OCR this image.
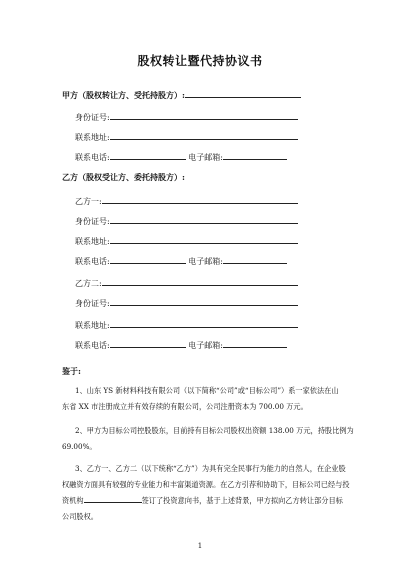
股权转让暨代持协议书
甲方（股权转让方、受托持股方）:
身份证号:
联系地址:
联系电话:	电子邮箱:
乙方（股权受让方、委托持股方）:
乙方一:
身份证号:
联系地址:
联系电话:	电子邮箱:
乙方二:
身份证号:
联系地址:
联系电话:	电子邮箱:
鉴于:
1、山东 YS 新材料科技有限公司（以下简称“公司”或“目标公司”）系一家依法在山
东省 XX 市注册成立并有效存续的有限公司，公司注册资本为 700.00 万元。
2、甲方为目标公司控股股东，目前持有目标公司股权出资额 138.00 万元，持股比例为
69.00%。
3、乙方一、乙方二（以下统称“乙方”）为具有完全民事行为能力的自然人，在企业股
权融资方面具有较强的专业能力和丰富渠道资源。在乙方引荐和协助下，目标公司已经与投
资机构	签订了投资意向书，基于上述背景，甲方拟向乙方转让部分目标
公司股权。
1
